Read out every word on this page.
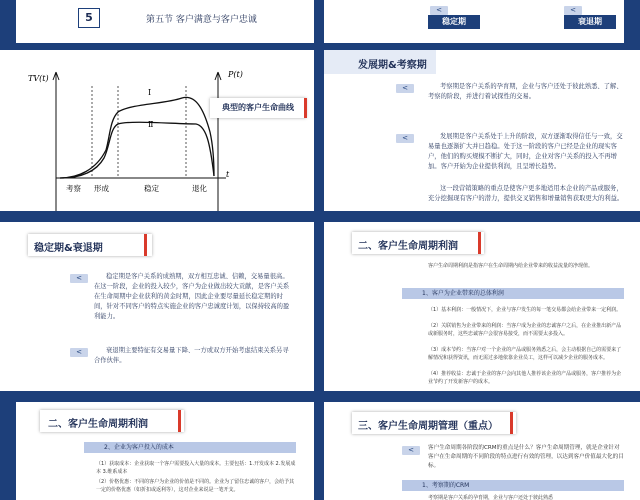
5	第五节 客户满意与客户忠诚
<
稳定期
<
衰退期
TV(t)	P(t)
t
Ⅰ
Ⅱ
考察 形成	稳定	退化
典型的客户生命曲线
发展期&考察期
<	考察期是客户关系的孕育期，企业与客户还处于彼此熟悉、了解、考察的阶段，并进行着试探性的交易。
<	发展期是客户关系处于上升的阶段，双方逐渐取得信任与一致，交易量也逐渐扩大并日趋稳。处于这一阶段的客户已经是企业的现实客户，他们的购买规模不断扩大，同时，企业对客户关系的投入不再增加。客户开始为企业提供利润，且呈增长趋势。
这一段营销策略的重点是使客户更多地适用本企业的产品或服务，充分挖掘现有客户的潜力，提供交叉销售和增量销售获取更大的利益。
稳定期&衰退期
<	稳定期是客户关系的成熟期，双方相互忠诚、信赖，交易量很高。在这一阶段，企业的投入较少，客户为企业做出较大贡献，是客户关系在生命周期中企业获利的黄金时期，因此企业要尽量延长稳定期的时间，针对不同客户的特点实施企业的客户忠诚度计划，以保持较高的盈利能力。
<	衰退期主要特征有交易量下降、一方或双方开始考虑结束关系另寻合作伙伴。
二、客户生命周期利润
客户生命周期利润是指客户在生命周期内给企业带来的收益流量的净现值。
1、客户为企业带来的总体利润
（1）基本利润：一般情况下，企业与客户发生的每一笔交易都会给企业带来一定利润。
（2）关联销售为企业带来的利润：当客户成为企业的忠诚客户之后，在企业推出新产品或新服务时，这些忠诚客户会很容易接受，而不需要太多投入。
（3）成本节约：当客户对一个企业的产品或服务熟悉之后，会主动根据自己的需要来了解情况和获得资讯，而无需过多地依靠企业员工，这样可以减少企业的服务成本。
（4）推荐收益：忠诚于企业的客户会向其他人推荐该企业的产品或服务，客户推荐为企业节约了开发新客户的成本。
二、客户生命周期利润
2、企业为客户投入的成本
（1）获取成本：企业获取一个客户需要投入大量的成本。主要包括：1.开发成本 2.发展成本 3.维系成本
（2）价格优惠：不同的客户为企业的价值是不同的。企业为了留住忠诚的客户，会给予其一定的价格优惠（如折扣或返利等），这对企业来说是一笔开支。
三、客户生命周期管理（重点）
<	客户生命周期各阶段的CRM的重点是什么？客户生命周期管理，就是企业针对客户在生命周期的不同阶段的特点进行有效的管理，以达到客户价值最大化的目标。
1、考察期的CRM
考察期是客户关系的孕育期，企业与客户还处于彼此熟悉
